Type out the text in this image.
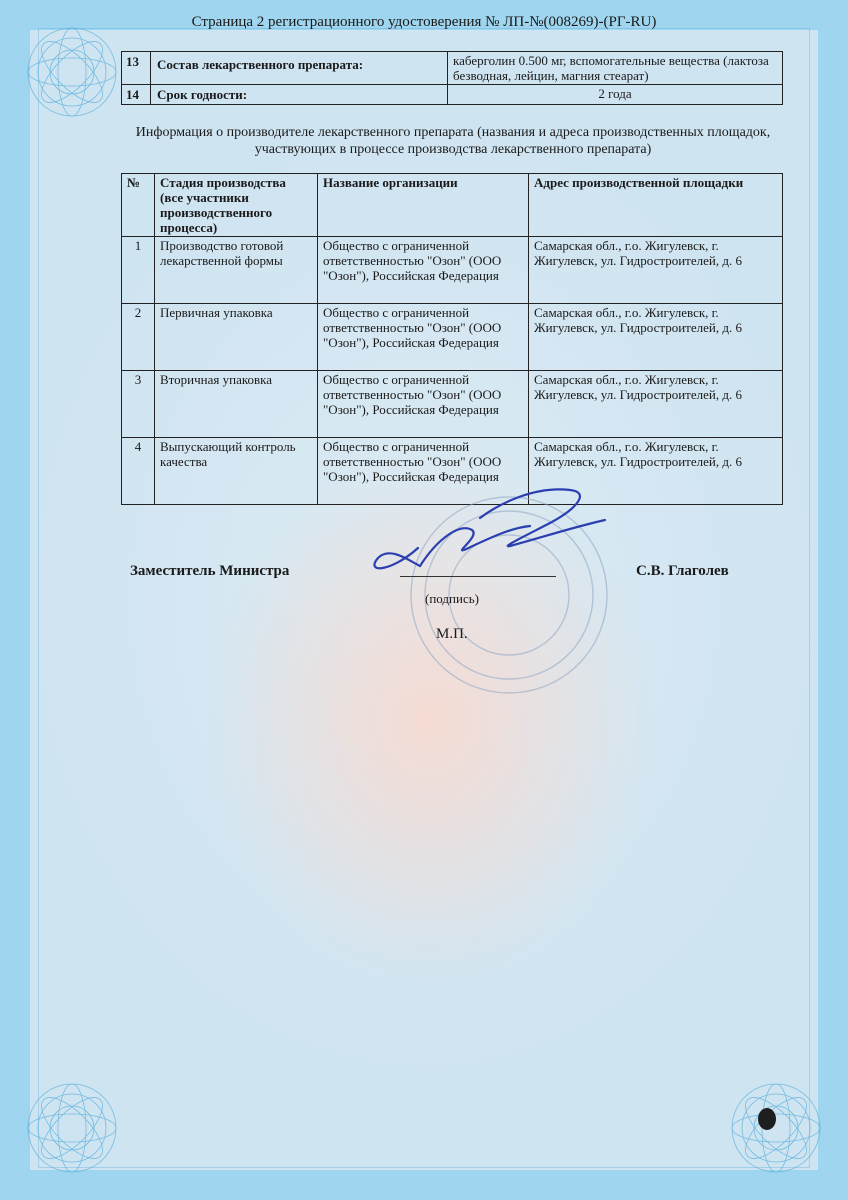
Страница 2 регистрационного удостоверения № ЛП-№(008269)-(РГ-RU)
13	Состав лекарственного препарата:	каберголин 0.500 мг, вспомогательные вещества (лактоза безводная, лейцин, магния стеарат)
14	Срок годности:	2 года
Информация о производителе лекарственного препарата (названия и адреса производственных площадок, участвующих в процессе производства лекарственного препарата)
№	Стадия производства (все участники производственного процесса)	Название организации	Адрес производственной площадки
1	Производство готовой лекарственной формы	Общество с ограниченной ответственностью "Озон" (ООО "Озон"), Российская Федерация	Самарская обл., г.о. Жигулевск, г. Жигулевск, ул. Гидростроителей, д. 6
2	Первичная упаковка	Общество с ограниченной ответственностью "Озон" (ООО "Озон"), Российская Федерация	Самарская обл., г.о. Жигулевск, г. Жигулевск, ул. Гидростроителей, д. 6
3	Вторичная упаковка	Общество с ограниченной ответственностью "Озон" (ООО "Озон"), Российская Федерация	Самарская обл., г.о. Жигулевск, г. Жигулевск, ул. Гидростроителей, д. 6
4	Выпускающий контроль качества	Общество с ограниченной ответственностью "Озон" (ООО "Озон"), Российская Федерация	Самарская обл., г.о. Жигулевск, г. Жигулевск, ул. Гидростроителей, д. 6
Заместитель Министра	С.В. Глаголев
(подпись)
М.П.
